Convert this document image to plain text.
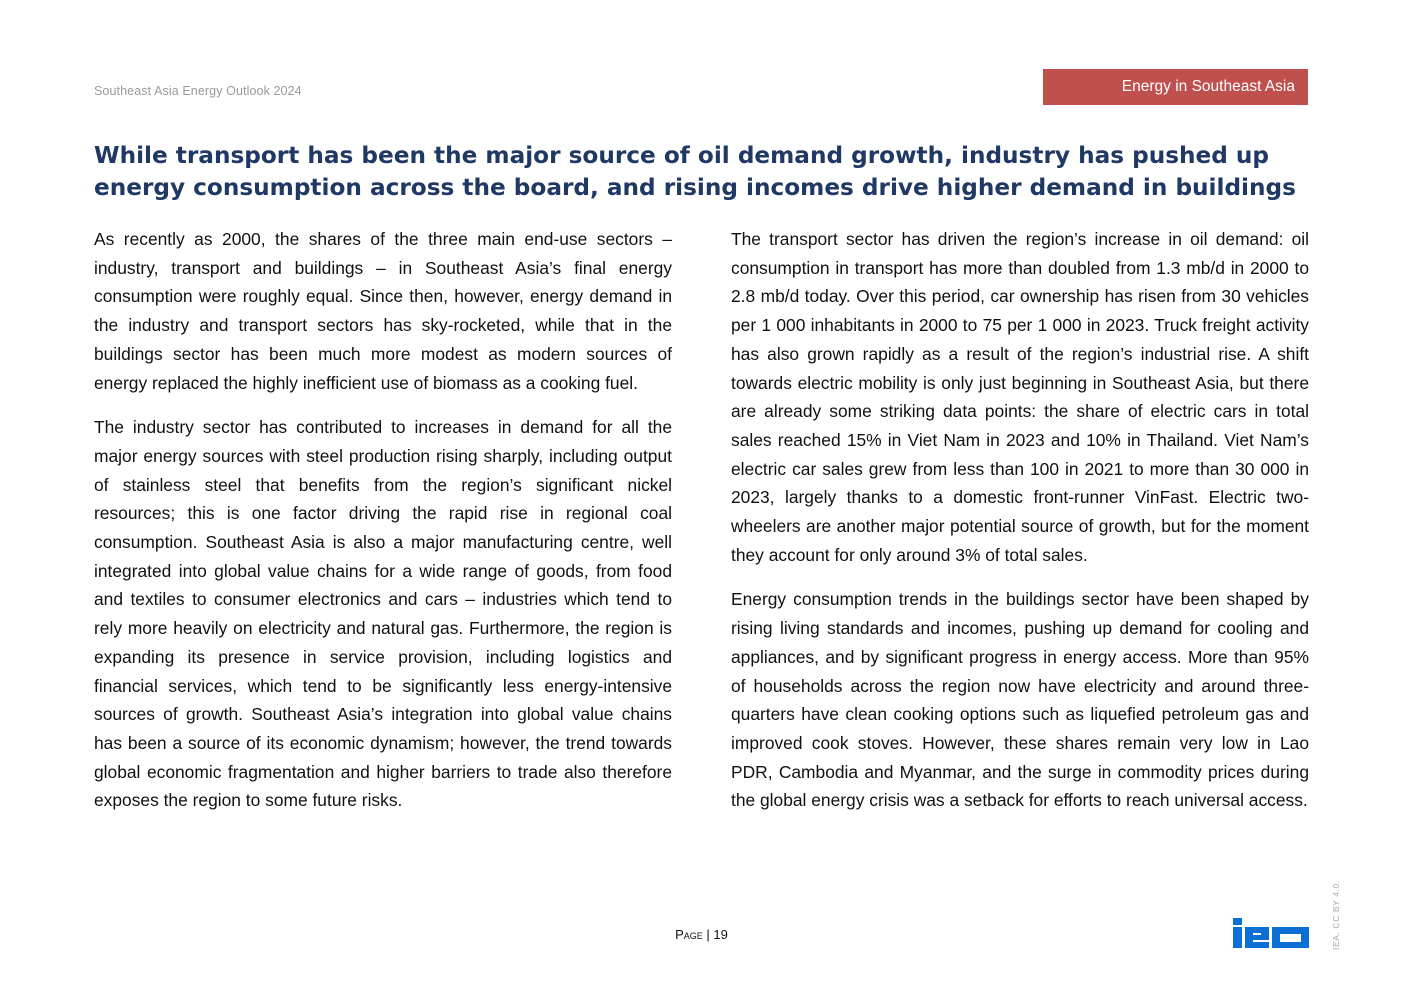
Southeast Asia Energy Outlook 2024	Energy in Southeast Asia
While transport has been the major source of oil demand growth, industry has pushed up energy consumption across the board, and rising incomes drive higher demand in buildings

As recently as 2000, the shares of the three main end-use sectors – industry, transport and buildings – in Southeast Asia’s final energy consumption were roughly equal. Since then, however, energy demand in the industry and transport sectors has sky-rocketed, while that in the buildings sector has been much more modest as modern sources of energy replaced the highly inefficient use of biomass as a cooking fuel.

The industry sector has contributed to increases in demand for all the major energy sources with steel production rising sharply, including output of stainless steel that benefits from the region’s significant nickel resources; this is one factor driving the rapid rise in regional coal consumption. Southeast Asia is also a major manufacturing centre, well integrated into global value chains for a wide range of goods, from food and textiles to consumer electronics and cars – industries which tend to rely more heavily on electricity and natural gas. Furthermore, the region is expanding its presence in service provision, including logistics and financial services, which tend to be significantly less energy-intensive sources of growth. Southeast Asia’s integration into global value chains has been a source of its economic dynamism; however, the trend towards global economic fragmentation and higher barriers to trade also therefore exposes the region to some future risks.

The transport sector has driven the region’s increase in oil demand: oil consumption in transport has more than doubled from 1.3 mb/d in 2000 to 2.8 mb/d today. Over this period, car ownership has risen from 30 vehicles per 1 000 inhabitants in 2000 to 75 per 1 000 in 2023. Truck freight activity has also grown rapidly as a result of the region’s industrial rise. A shift towards electric mobility is only just beginning in Southeast Asia, but there are already some striking data points: the share of electric cars in total sales reached 15% in Viet Nam in 2023 and 10% in Thailand. Viet Nam’s electric car sales grew from less than 100 in 2021 to more than 30 000 in 2023, largely thanks to a domestic front-runner VinFast. Electric two-wheelers are another major potential source of growth, but for the moment they account for only around 3% of total sales.

Energy consumption trends in the buildings sector have been shaped by rising living standards and incomes, pushing up demand for cooling and appliances, and by significant progress in energy access. More than 95% of households across the region now have electricity and around three-quarters have clean cooking options such as liquefied petroleum gas and improved cook stoves. However, these shares remain very low in Lao PDR, Cambodia and Myanmar, and the surge in commodity prices during the global energy crisis was a setback for efforts to reach universal access.

Page | 19	IEA. CC BY 4.0.
